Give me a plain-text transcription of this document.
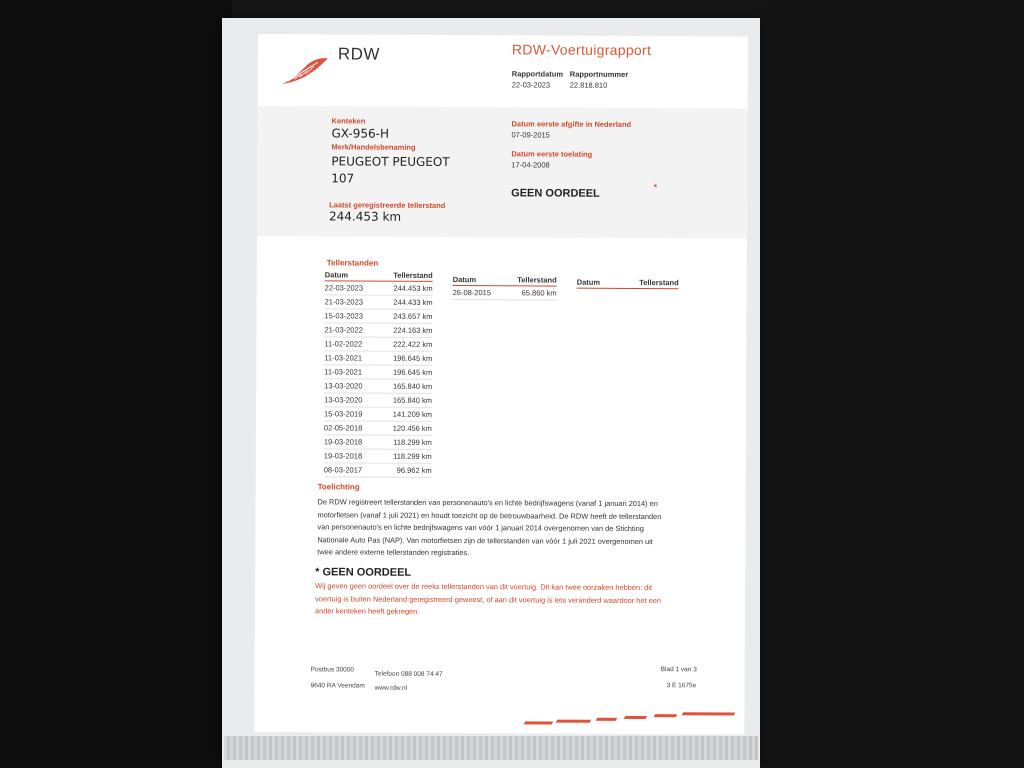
RDW	RDW-Voertuigrapport
Rapportdatum
22-03-2023
Rapportnummer
22.818.810
Kenteken
GX-956-H
Merk/Handelsbenaming
PEUGEOT PEUGEOT
107
Laatst geregistreerde tellerstand
244.453 km
Datum eerste afgifte in Nederland
07-09-2015
Datum eerste toelating
17-04-2008
GEEN OORDEEL	*
Tellerstanden
Datum	Tellerstand
22-03-2023	244.453 km
21-03-2023	244.433 km
15-03-2023	243.657 km
21-03-2022	224.163 km
11-02-2022	222.422 km
11-03-2021	196.645 km
11-03-2021	196.645 km
13-03-2020	165.840 km
13-03-2020	165.840 km
15-03-2019	141.209 km
02-05-2018	120.456 km
19-03-2018	118.299 km
19-03-2018	118.299 km
08-03-2017	96.962 km
Datum	Tellerstand
26-08-2015	65.860 km
Datum	Tellerstand
Toelichting
De RDW registreert tellerstanden van personenauto's en lichte bedrijfswagens (vanaf 1 januari 2014) en
motorfietsen (vanaf 1 juli 2021) en houdt toezicht op de betrouwbaarheid. De RDW heeft de tellerstanden
van personenauto's en lichte bedrijfswagens van vóór 1 januari 2014 overgenomen van de Stichting
Nationale Auto Pas (NAP). Van motorfietsen zijn de tellerstanden van vóór 1 juli 2021 overgenomen uit
twee andere externe tellerstanden registraties.
* GEEN OORDEEL
Wij geven geen oordeel over de reeks tellerstanden van dit voertuig. Dit kan twee oorzaken hebben: dit
voertuig is buiten Nederland geregistreerd geweest, of aan dit voertuig is iets veranderd waardoor het een
ander kenteken heeft gekregen.
Postbus 30000
9640 RA Veendam
Telefoon 088 008 74 47
www.rdw.nl
Blad 1 van 3
3 E 1675e
